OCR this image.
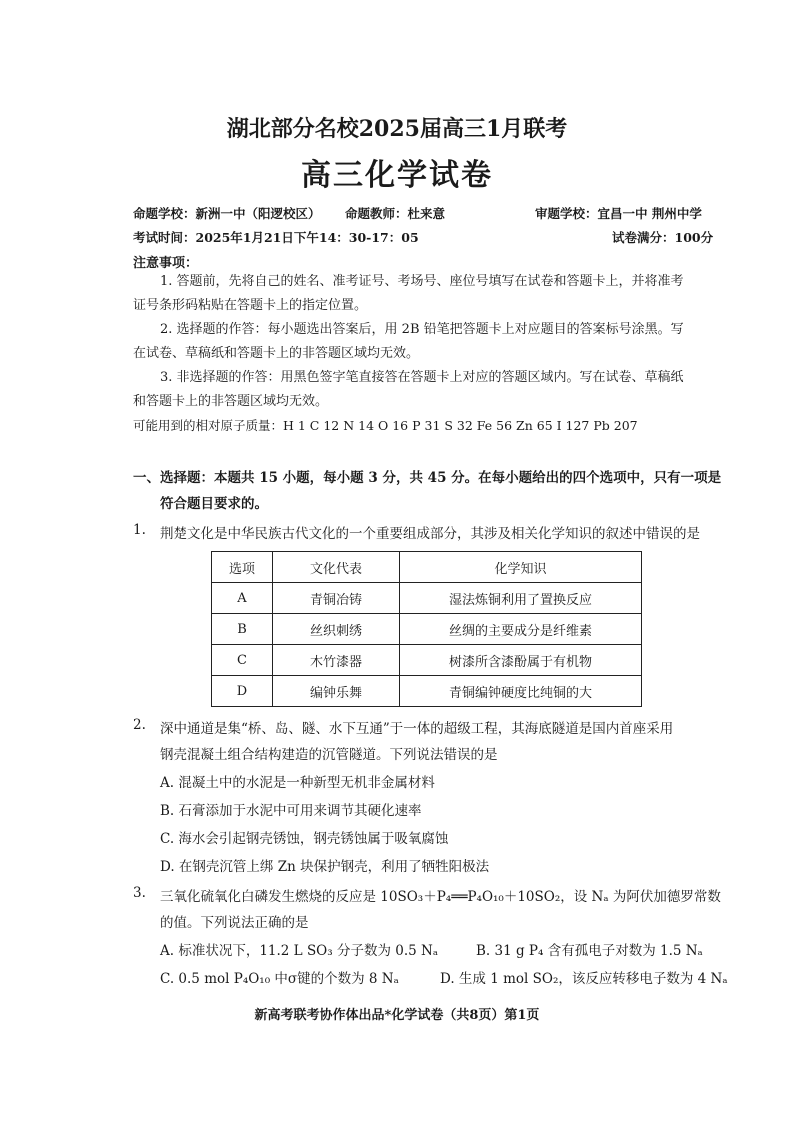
湖北部分名校2025届高三1月联考
高三化学试卷
命题学校：新洲一中（阳逻校区） 命题教师：杜来意	审题学校：宜昌一中 荆州中学
考试时间：2025年1月21日下午14：30-17：05	试卷满分：100分
注意事项：
1. 答题前，先将自己的姓名、准考证号、考场号、座位号填写在试卷和答题卡上，并将准考
证号条形码粘贴在答题卡上的指定位置。
2. 选择题的作答：每小题选出答案后，用 2B 铅笔把答题卡上对应题目的答案标号涂黑。写
在试卷、草稿纸和答题卡上的非答题区域均无效。
3. 非选择题的作答：用黑色签字笔直接答在答题卡上对应的答题区域内。写在试卷、草稿纸
和答题卡上的非答题区域均无效。
可能用到的相对原子质量：H 1 C 12 N 14 O 16 P 31 S 32 Fe 56 Zn 65 I 127 Pb 207
一、选择题：本题共 15 小题，每小题 3 分，共 45 分。在每小题给出的四个选项中，只有一项是
符合题目要求的。
1. 荆楚文化是中华民族古代文化的一个重要组成部分，其涉及相关化学知识的叙述中错误的是
选项	文化代表	化学知识
A	青铜冶铸	湿法炼铜利用了置换反应
B	丝织刺绣	丝绸的主要成分是纤维素
C	木竹漆器	树漆所含漆酚属于有机物
D	编钟乐舞	青铜编钟硬度比纯铜的大
2. 深中通道是集“桥、岛、隧、水下互通”于一体的超级工程，其海底隧道是国内首座采用
钢壳混凝土组合结构建造的沉管隧道。下列说法错误的是
A. 混凝土中的水泥是一种新型无机非金属材料
B. 石膏添加于水泥中可用来调节其硬化速率
C. 海水会引起钢壳锈蚀，钢壳锈蚀属于吸氧腐蚀
D. 在钢壳沉管上绑 Zn 块保护钢壳，利用了牺牲阳极法
3. 三氧化硫氧化白磷发生燃烧的反应是 10SO₃＋P₄══P₄O₁₀＋10SO₂，设 Nₐ 为阿伏加德罗常数
的值。下列说法正确的是
A. 标准状况下，11.2 L SO₃ 分子数为 0.5 Nₐ	B. 31 g P₄ 含有孤电子对数为 1.5 Nₐ
C. 0.5 mol P₄O₁₀ 中σ键的个数为 8 Nₐ	D. 生成 1 mol SO₂，该反应转移电子数为 4 Nₐ
新高考联考协作体出品*化学试卷（共8页）第1页
